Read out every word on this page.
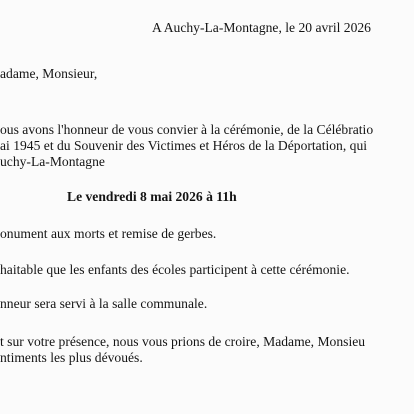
A Auchy-La-Montagne, le 20 avril 2026
adame, Monsieur,
ous avons l'honneur de vous convier à la cérémonie, de la Célébratio
ai 1945 et du Souvenir des Victimes et Héros de la Déportation, qui
uchy-La-Montagne
Le vendredi 8 mai 2026 à 11h
onument aux morts et remise de gerbes.
haitable que les enfants des écoles participent à cette cérémonie.
nneur sera servi à la salle communale.
t sur votre présence, nous vous prions de croire, Madame, Monsieu
ntiments les plus dévoués.
